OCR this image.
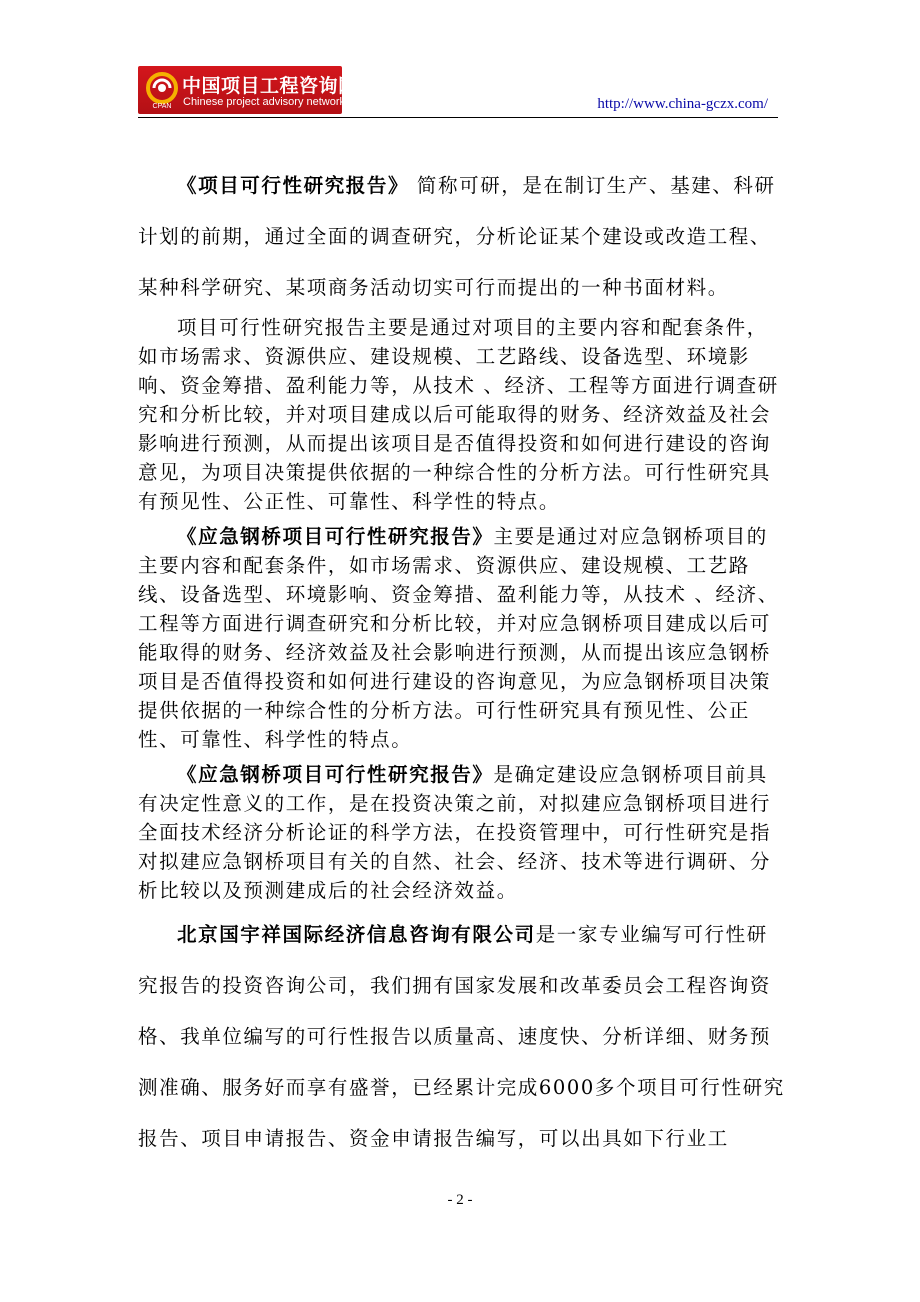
CPAN
中国项目工程咨询网
Chinese project advisory network	http://www.china-gczx.com/

《项目可行性研究报告》 简称可研，是在制订生产、基建、科研计划的前期，通过全面的调查研究，分析论证某个建设或改造工程、某种科学研究、某项商务活动切实可行而提出的一种书面材料。

项目可行性研究报告主要是通过对项目的主要内容和配套条件，如市场需求、资源供应、建设规模、工艺路线、设备选型、环境影响、资金筹措、盈利能力等，从技术 、经济、工程等方面进行调查研究和分析比较，并对项目建成以后可能取得的财务、经济效益及社会影响进行预测，从而提出该项目是否值得投资和如何进行建设的咨询意见，为项目决策提供依据的一种综合性的分析方法。可行性研究具有预见性、公正性、可靠性、科学性的特点。

《应急钢桥项目可行性研究报告》主要是通过对应急钢桥项目的主要内容和配套条件，如市场需求、资源供应、建设规模、工艺路线、设备选型、环境影响、资金筹措、盈利能力等，从技术 、经济、工程等方面进行调查研究和分析比较，并对应急钢桥项目建成以后可能取得的财务、经济效益及社会影响进行预测，从而提出该应急钢桥项目是否值得投资和如何进行建设的咨询意见，为应急钢桥项目决策提供依据的一种综合性的分析方法。可行性研究具有预见性、公正性、可靠性、科学性的特点。

《应急钢桥项目可行性研究报告》是确定建设应急钢桥项目前具有决定性意义的工作，是在投资决策之前，对拟建应急钢桥项目进行全面技术经济分析论证的科学方法，在投资管理中，可行性研究是指对拟建应急钢桥项目有关的自然、社会、经济、技术等进行调研、分析比较以及预测建成后的社会经济效益。

北京国宇祥国际经济信息咨询有限公司是一家专业编写可行性研究报告的投资咨询公司，我们拥有国家发展和改革委员会工程咨询资格、我单位编写的可行性报告以质量高、速度快、分析详细、财务预测准确、服务好而享有盛誉，已经累计完成6000多个项目可行性研究报告、项目申请报告、资金申请报告编写，可以出具如下行业工

- 2 -
